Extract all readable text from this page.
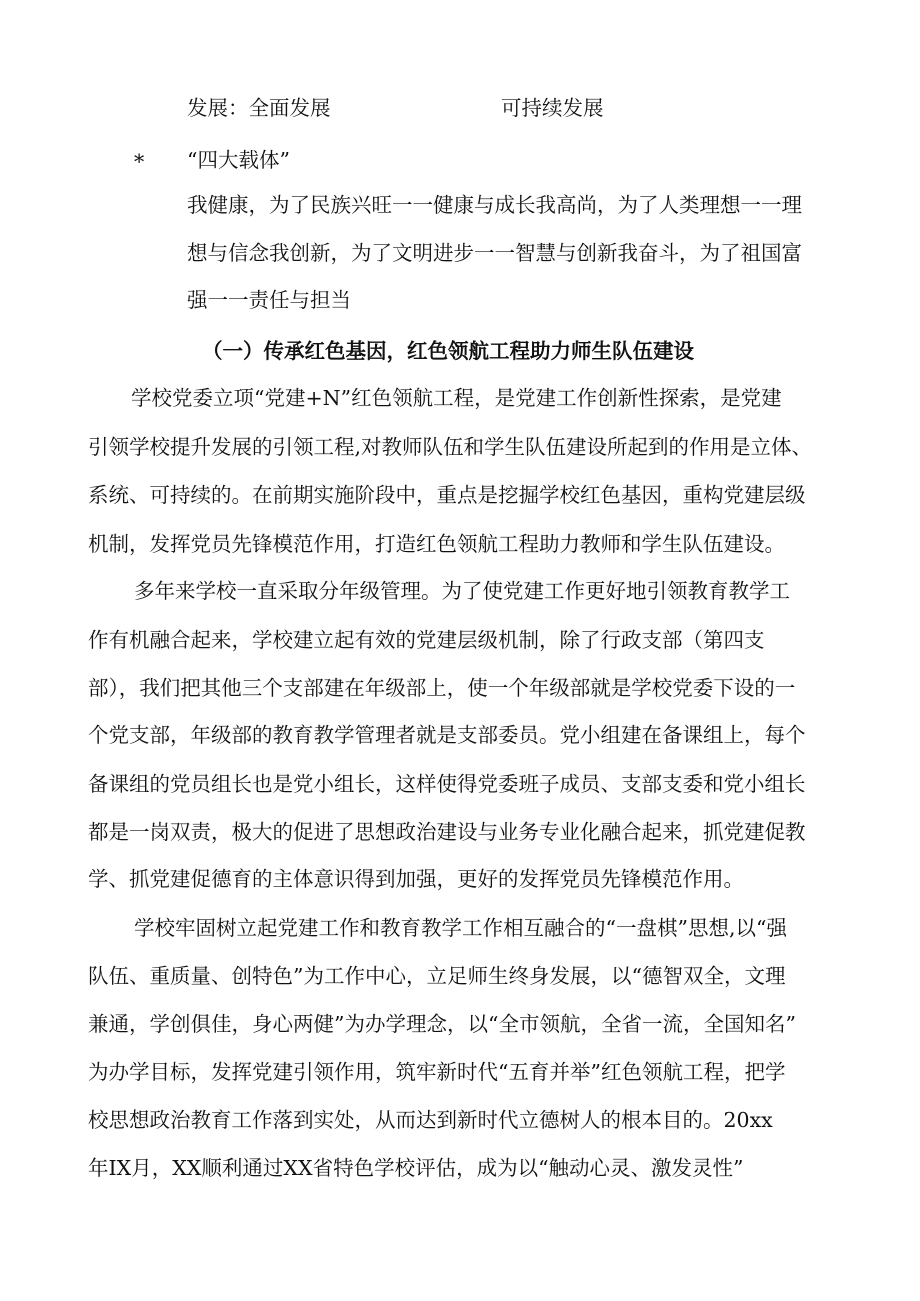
发展：全面发展	可持续发展
* “四大载体”
我健康，为了民族兴旺一一健康与成长我高尚，为了人类理想一一理
想与信念我创新，为了文明进步一一智慧与创新我奋斗，为了祖国富
强一一责任与担当
（一）传承红色基因，红色领航工程助力师生队伍建设
学校党委立项“党建+N”红色领航工程，是党建工作创新性探索，是党建
引领学校提升发展的引领工程,对教师队伍和学生队伍建设所起到的作用是立体、
系统、可持续的。在前期实施阶段中，重点是挖掘学校红色基因，重构党建层级
机制，发挥党员先锋模范作用，打造红色领航工程助力教师和学生队伍建设。
多年来学校一直采取分年级管理。为了使党建工作更好地引领教育教学工
作有机融合起来，学校建立起有效的党建层级机制，除了行政支部（第四支
部），我们把其他三个支部建在年级部上，使一个年级部就是学校党委下设的一
个党支部，年级部的教育教学管理者就是支部委员。党小组建在备课组上，每个
备课组的党员组长也是党小组长，这样使得党委班子成员、支部支委和党小组长
都是一岗双责，极大的促进了思想政治建设与业务专业化融合起来，抓党建促教
学、抓党建促德育的主体意识得到加强，更好的发挥党员先锋模范作用。
学校牢固树立起党建工作和教育教学工作相互融合的“一盘棋”思想,以“强
队伍、重质量、创特色”为工作中心，立足师生终身发展，以“德智双全，文理
兼通，学创俱佳，身心两健”为办学理念，以“全市领航，全省一流，全国知名”
为办学目标，发挥党建引领作用，筑牢新时代“五育并举”红色领航工程，把学
校思想政治教育工作落到实处，从而达到新时代立德树人的根本目的。20xx
年IX月，XX顺利通过XX省特色学校评估，成为以“触动心灵、激发灵性”
